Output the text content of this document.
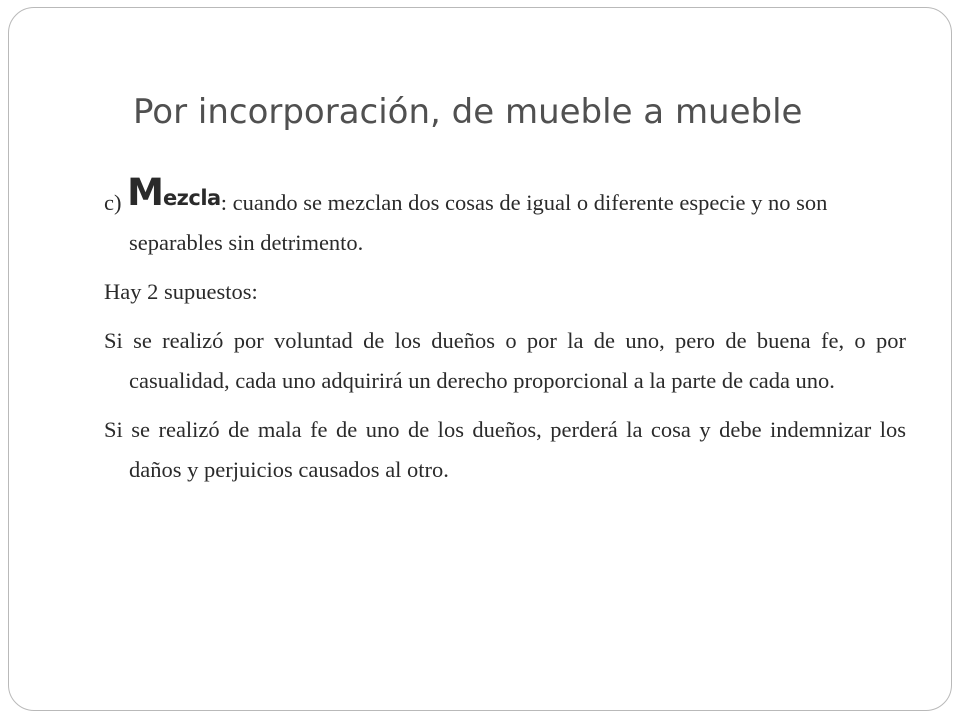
Por incorporación, de mueble a mueble

c) Mezcla: cuando se mezclan dos cosas de igual o diferente especie y no son separables sin detrimento.

Hay 2 supuestos:

Si se realizó por voluntad de los dueños o por la de uno, pero de buena fe, o por casualidad, cada uno adquirirá un derecho proporcional a la parte de cada uno.

Si se realizó de mala fe de uno de los dueños, perderá la cosa y debe indemnizar los daños y perjuicios causados al otro.
